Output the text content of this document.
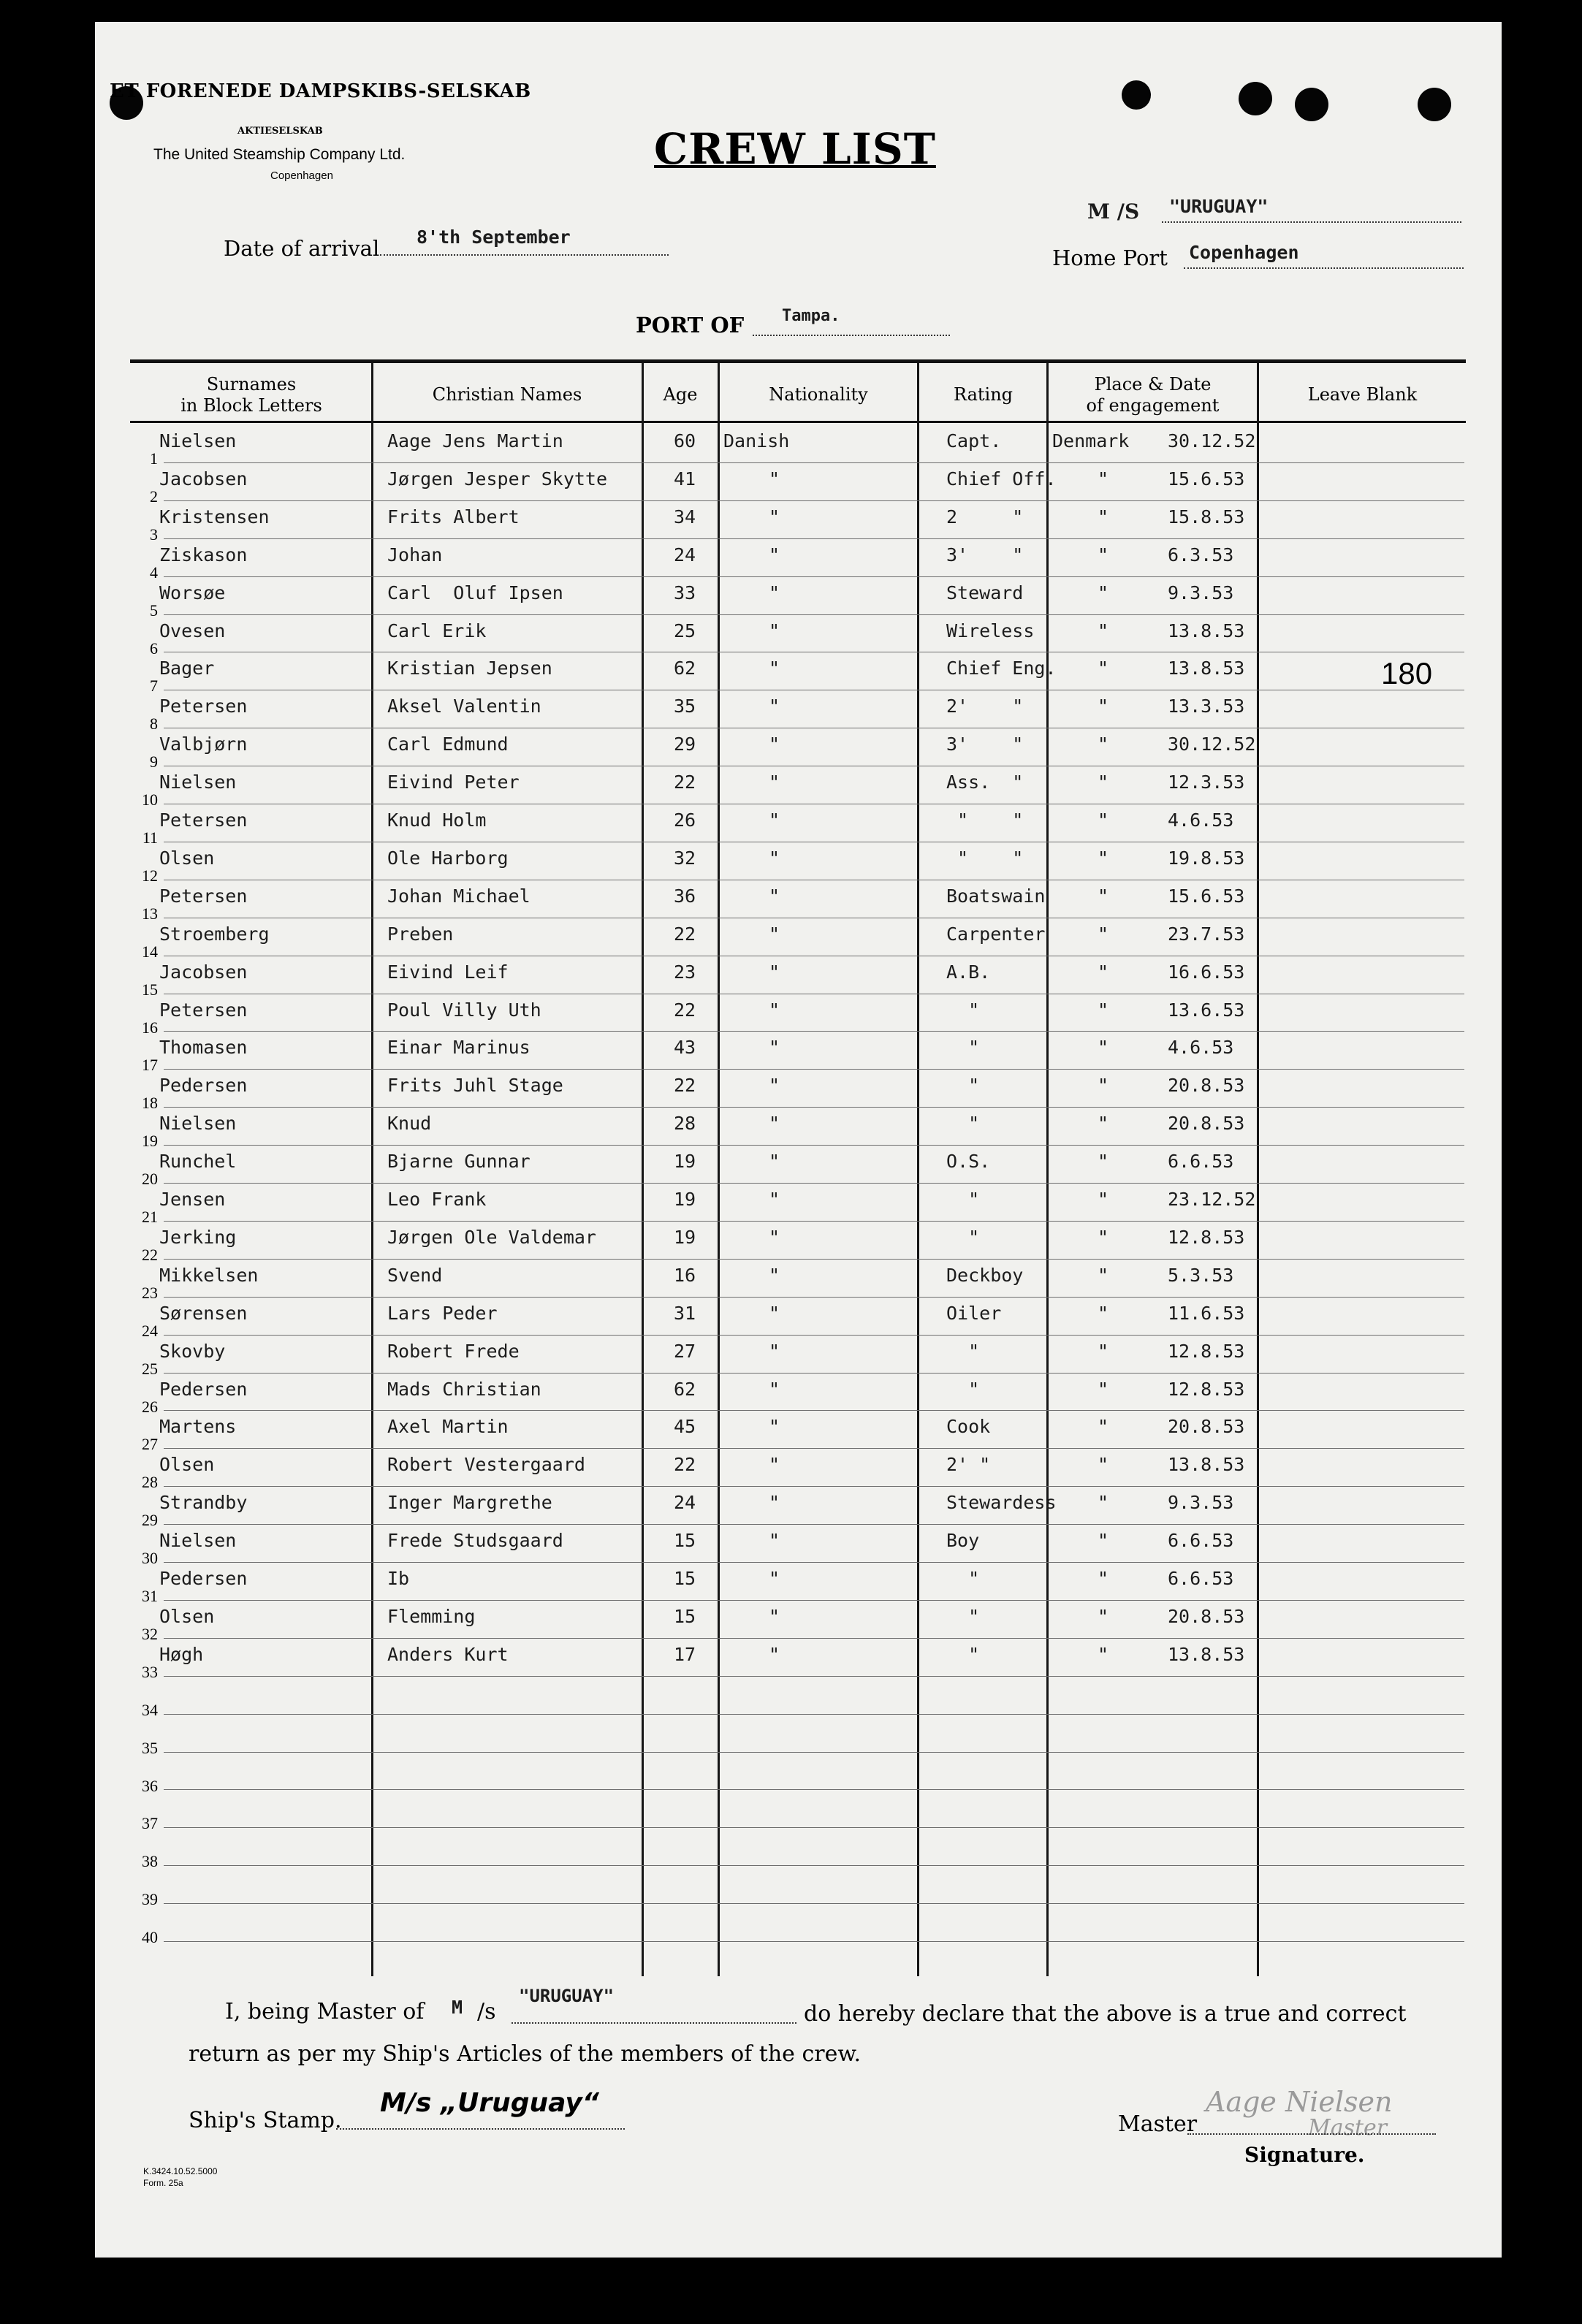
ET FORENEDE DAMPSKIBS-SELSKAB
AKTIESELSKAB
The United Steamship Company Ltd.
Copenhagen
CREW LIST
M /S "URUGUAY"
Date of arrival 8'th September
Home Port Copenhagen
PORT OF Tampa.
Surnames
in Block Letters
Christian Names	Age	Nationality	Rating	Place & Date
of engagement
Leave Blank
1
Nielsen	Aage Jens Martin	60 Danish	Capt.	Denmark 30.12.52
2
Jacobsen	Jørgen Jesper Skytte	41	"	Chief Off. "	15.6.53
3
Kristensen	Frits Albert	34	"	2     "	"	15.8.53
4
Ziskason	Johan	24	"	3'    "	"	6.3.53
5
Worsøe	Carl  Oluf Ipsen	33	"	Steward	"	9.3.53
6
Ovesen	Carl Erik	25	"	Wireless	"	13.8.53
7
Bager	Kristian Jepsen	62	"	Chief Eng. "	13.8.53
8
Petersen	Aksel Valentin	35	"	2'    "	"	13.3.53
9
Valbjørn	Carl Edmund	29	"	3'    "	"	30.12.52
10
Nielsen	Eivind Peter	22	"	Ass.  "	"	12.3.53
11
Petersen	Knud Holm	26	"	"    "	"	4.6.53
12
Olsen	Ole Harborg	32	"	"    "	"	19.8.53
13
Petersen	Johan Michael	36	"	Boatswain	"	15.6.53
14
Stroemberg	Preben	22	"	Carpenter	"	23.7.53
15
Jacobsen	Eivind Leif	23	"	A.B.	"	16.6.53
16
Petersen	Poul Villy Uth	22	"	"	"	13.6.53
17
Thomasen	Einar Marinus	43	"	"	"	4.6.53
18
Pedersen	Frits Juhl Stage	22	"	"	"	20.8.53
19
Nielsen	Knud	28	"	"	"	20.8.53
20
Runchel	Bjarne Gunnar	19	"	O.S.	"	6.6.53
21
Jensen	Leo Frank	19	"	"	"	23.12.52
22
Jerking	Jørgen Ole Valdemar	19	"	"	"	12.8.53
23
Mikkelsen	Svend	16	"	Deckboy	"	5.3.53
24
Sørensen	Lars Peder	31	"	Oiler	"	11.6.53
25
Skovby	Robert Frede	27	"	"	"	12.8.53
26
Pedersen	Mads Christian	62	"	"	"	12.8.53
27
Martens	Axel Martin	45	"	Cook	"	20.8.53
28
Olsen	Robert Vestergaard	22	"	2' "	"	13.8.53
29
Strandby	Inger Margrethe	24	"	Stewardess "	9.3.53
30
Nielsen	Frede Studsgaard	15	"	Boy	"	6.6.53
31
Pedersen	Ib	15	"	"	"	6.6.53
32
Olsen	Flemming	15	"	"	"	20.8.53
33
Høgh	Anders Kurt	17	"	"	"	13.8.53
34
35
36
37
38
39
40
180
I, being Master of M /s
"URUGUAY"
do hereby declare that the above is a true and correct
return as per my Ship's Articles of the members of the crew.
Ship's Stamp.
M/s „Uruguay“
Master
Aage Nielsen
Master
Signature.
K.3424.10.52.5000
Form. 25a
